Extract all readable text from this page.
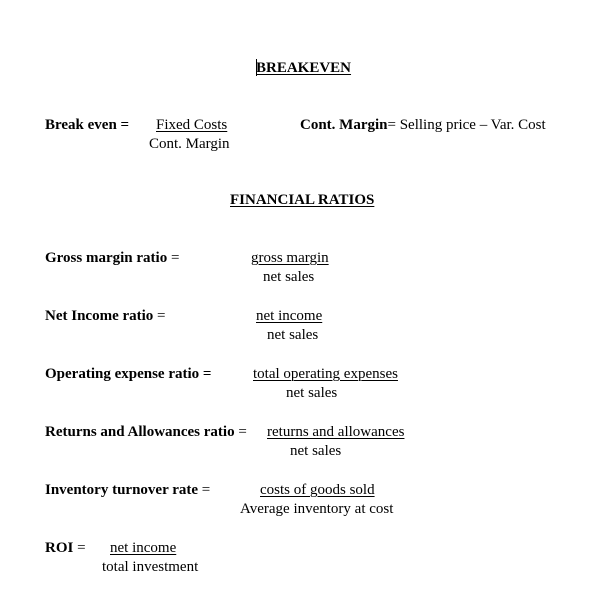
BREAKEVEN
Break even = Fixed Costs
Cont. Margin
Cont. Margin= Selling price – Var. Cost
FINANCIAL RATIOS
Gross margin ratio =	gross margin
net sales
Net Income ratio =	net income
net sales
Operating expense ratio =	total operating expenses
net sales
Returns and Allowances ratio = returns and allowances
net sales
Inventory turnover rate =	costs of goods sold
Average inventory at cost
ROI = net income
total investment
